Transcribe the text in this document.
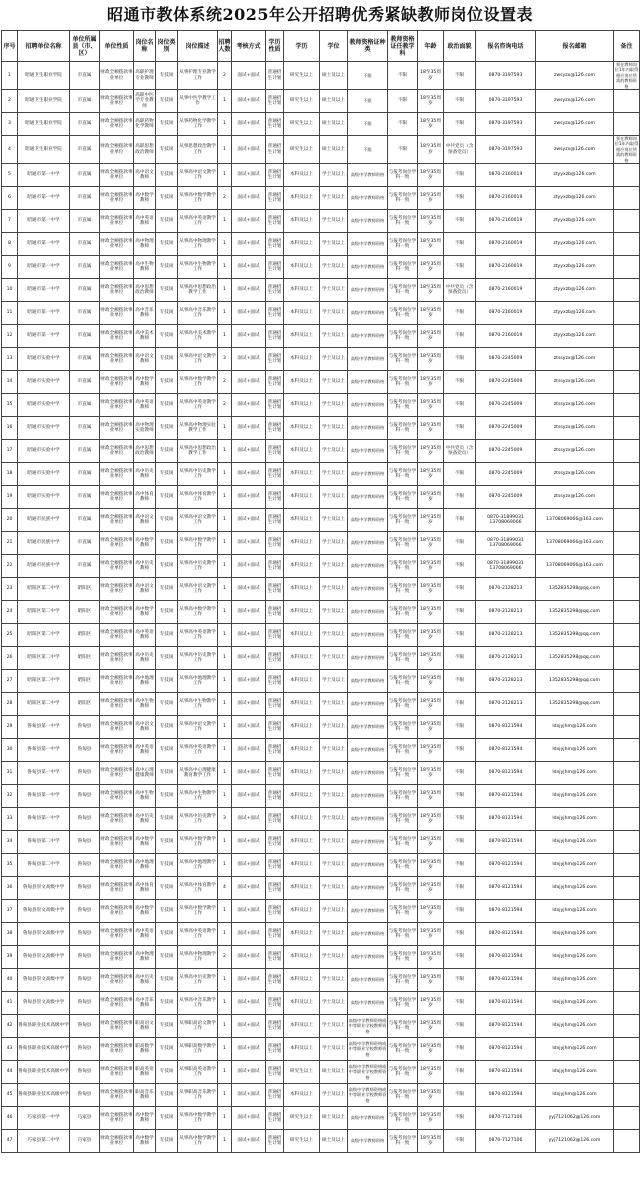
昭通市教体系统2025年公开招聘优秀紧缺教师岗位设置表
序号	招聘单位名称	单位所属县（市、区）	单位性质	岗位名称	岗位类别	岗位描述	招聘人数	考核方式	学历性质	学历	学位	教师资格证种类	教师资格证任教学科	年龄	政治面貌	报名咨询电话	报名邮箱	备注
1	昭通卫生职业学院	市直属	财政全额拨款事业单位	高职护理专业教师	专技岗	从事护理专业教学工作	2	面试+面试	普通招生计划	研究生以上	硕士及以上	不限	不限	18至35周岁	不限	0870-3197593	zwsyzx@126.com	须在教师岗位1年内取得相应岗位所需的教师资格
2	昭通卫生职业学院	市直属	财政全额拨款事业单位	高职中医学专业教师	专技岗	从事中医学教学工作	1	面试+面试	普通招生计划	研究生以上	硕士及以上	不限	不限	18至35周岁	不限	0870-3197593	zwsyzx@126.com	
3	昭通卫生职业学院	市直属	财政全额拨款事业单位	高职药物化学教师	专技岗	从事药物化学教学工作	1	面试+面试	普通招生计划	研究生以上	硕士及以上	不限	不限	18至35周岁	不限	0870-3197593	zwsyzx@126.com	
4	昭通卫生职业学院	市直属	财政全额拨款事业单位	高职思想政治教师	专技岗	从事思想政治教学工作	1	面试+面试	普通招生计划	研究生以上	硕士及以上	不限	不限	18至35周岁	中共党员（含预备党员）	0870-3197593	zwsyzx@126.com	须在教师岗位1年内取得相应岗位所需的教师资格
5	昭通市第一中学	市直属	财政全额拨款事业单位	高中语文教师	专技岗	从事高中语文教学工作	1	面试+面试	普通招生计划	本科及以上	学士及以上	高级中学教师资格	与报考岗位学科一致	18至35周岁	不限	0870-2160019	ztyyxzb@126.com	
6	昭通市第一中学	市直属	财政全额拨款事业单位	高中数学教师	专技岗	从事高中数学教学工作	2	面试+面试	普通招生计划	本科及以上	学士及以上	高级中学教师资格	与报考岗位学科一致	18至35周岁	不限	0870-2160019	ztyyxzb@126.com	
7	昭通市第一中学	市直属	财政全额拨款事业单位	高中英语教师	专技岗	从事高中英语教学工作	1	面试+面试	普通招生计划	本科及以上	学士及以上	高级中学教师资格	与报考岗位学科一致	18至35周岁	不限	0870-2160019	ztyyxzb@126.com	
8	昭通市第一中学	市直属	财政全额拨款事业单位	高中物理教师	专技岗	从事高中物理教学工作	1	面试+面试	普通招生计划	本科及以上	学士及以上	高级中学教师资格	与报考岗位学科一致	18至35周岁	不限	0870-2160019	ztyyxzb@126.com	
9	昭通市第一中学	市直属	财政全额拨款事业单位	高中生物教师	专技岗	从事高中生物教学工作	1	面试+面试	普通招生计划	本科及以上	学士及以上	高级中学教师资格	与报考岗位学科一致	18至35周岁	不限	0870-2160019	ztyyxzb@126.com	
10	昭通市第一中学	市直属	财政全额拨款事业单位	高中思想政治教师	专技岗	从事高中思想政治教学工作	1	面试+面试	普通招生计划	本科及以上	学士及以上	高级中学教师资格	与报考岗位学科一致	18至35周岁	中共党员（含预备党员）	0870-2160019	ztyyxzb@126.com	
11	昭通市第一中学	市直属	财政全额拨款事业单位	高中音乐教师	专技岗	从事高中音乐教学工作	1	面试+面试	普通招生计划	本科及以上	学士及以上	高级中学教师资格	与报考岗位学科一致	18至35周岁	不限	0870-2160019	ztyyxzb@126.com	
12	昭通市第一中学	市直属	财政全额拨款事业单位	高中美术教师	专技岗	从事高中美术教学工作	1	面试+面试	普通招生计划	本科及以上	学士及以上	高级中学教师资格	与报考岗位学科一致	18至35周岁	不限	0870-2160019	ztyyxzb@126.com	
13	昭通市实验中学	市直属	财政全额拨款事业单位	高中语文教师	专技岗	从事高中语文教学工作	3	面试+面试	普通招生计划	本科及以上	学士及以上	高级中学教师资格	与报考岗位学科一致	18至35周岁	不限	0870-2245009	ztssyzx@126.com	
14	昭通市实验中学	市直属	财政全额拨款事业单位	高中数学教师	专技岗	从事高中数学教学工作	2	面试+面试	普通招生计划	本科及以上	学士及以上	高级中学教师资格	与报考岗位学科一致	18至35周岁	不限	0870-2245009	ztssyzx@126.com	
15	昭通市实验中学	市直属	财政全额拨款事业单位	高中英语教师	专技岗	从事高中英语教学工作	2	面试+面试	普通招生计划	本科及以上	学士及以上	高级中学教师资格	与报考岗位学科一致	18至35周岁	不限	0870-2245009	ztssyzx@126.com	
16	昭通市实验中学	市直属	财政全额拨款事业单位	高中物理实验教师	专技岗	从事高中物理实验教学工作	1	面试+面试	普通招生计划	本科及以上	学士及以上	高级中学教师资格	与报考岗位学科一致	18至35周岁	不限	0870-2245009	ztssyzx@126.com	
17	昭通市实验中学	市直属	财政全额拨款事业单位	高中思想政治教师	专技岗	从事高中思想政治教学工作	1	面试+面试	普通招生计划	本科及以上	学士及以上	高级中学教师资格	与报考岗位学科一致	18至35周岁	中共党员（含预备党员）	0870-2245009	ztssyzx@126.com	
18	昭通市实验中学	市直属	财政全额拨款事业单位	高中历史教师	专技岗	从事高中历史教学工作	1	面试+面试	普通招生计划	本科及以上	学士及以上	高级中学教师资格	与报考岗位学科一致	18至35周岁	不限	0870-2245009	ztssyzx@126.com	
19	昭通市实验中学	市直属	财政全额拨款事业单位	高中体育教师	专技岗	从事高中体育教学工作	1	面试+面试	普通招生计划	本科及以上	学士及以上	高级中学教师资格	与报考岗位学科一致	18至35周岁	不限	0870-2245009	ztssyzx@126.com	
20	昭通市民族中学	市直属	财政全额拨款事业单位	高中语文教师	专技岗	从事高中语文教学工作	1	面试+面试	普通招生计划	本科及以上	学士及以上	高级中学教师资格	与报考岗位学科一致	18至35周岁	不限	0870-31899031 13708069066	13708069066@163.com	
21	昭通市民族中学	市直属	财政全额拨款事业单位	高中数学教师	专技岗	从事高中数学教学工作	1	面试+面试	普通招生计划	本科及以上	学士及以上	高级中学教师资格	与报考岗位学科一致	18至35周岁	不限	0870-31899031 13708069066	13708069066@163.com	
22	昭通市民族中学	市直属	财政全额拨款事业单位	高中历史教师	专技岗	从事高中历史教学工作	1	面试+面试	普通招生计划	本科及以上	学士及以上	高级中学教师资格	与报考岗位学科一致	18至35周岁	不限	0870-31899031 13708069066	13708069066@163.com	
23	昭阳区第二中学	昭阳区	财政全额拨款事业单位	高中语文教师	专技岗	从事高中语文教学工作	1	面试+面试	普通招生计划	本科及以上	学士及以上	高级中学教师资格	与报考岗位学科一致	18至35周岁	不限	0870-2128213	1352835298@qq.com	
24	昭阳区第二中学	昭阳区	财政全额拨款事业单位	高中数学教师	专技岗	从事高中数学教学工作	1	面试+面试	普通招生计划	本科及以上	学士及以上	高级中学教师资格	与报考岗位学科一致	18至35周岁	不限	0870-2128213	1352835298@qq.com	
25	昭阳区第二中学	昭阳区	财政全额拨款事业单位	高中英语教师	专技岗	从事高中英语教学工作	1	面试+面试	普通招生计划	本科及以上	学士及以上	高级中学教师资格	与报考岗位学科一致	18至35周岁	不限	0870-2128213	1352835298@qq.com	
26	昭阳区第二中学	昭阳区	财政全额拨款事业单位	高中历史教师	专技岗	从事高中历史教学工作	1	面试+面试	普通招生计划	本科及以上	学士及以上	高级中学教师资格	与报考岗位学科一致	18至35周岁	不限	0870-2128213	1352835298@qq.com	
27	昭阳区第二中学	昭阳区	财政全额拨款事业单位	高中地理教师	专技岗	从事高中地理教学工作	1	面试+面试	普通招生计划	本科及以上	学士及以上	高级中学教师资格	与报考岗位学科一致	18至35周岁	不限	0870-2128213	1352835298@qq.com	
28	昭阳区第二中学	昭阳区	财政全额拨款事业单位	高中生物教师	专技岗	从事高中生物教学工作	1	面试+面试	普通招生计划	本科及以上	学士及以上	高级中学教师资格	与报考岗位学科一致	18至35周岁	不限	0870-2128213	1352835298@qq.com	
29	鲁甸县第一中学	鲁甸县	财政全额拨款事业单位	高中语文教师	专技岗	从事高中语文教学工作	1	面试+面试	普通招生计划	本科及以上	学士及以上	高级中学教师资格	与报考岗位学科一致	18至35周岁	不限	0870-8121594	ldxjyjhm@126.com	
30	鲁甸县第一中学	鲁甸县	财政全额拨款事业单位	高中英语教师	专技岗	从事高中英语教学工作	1	面试+面试	普通招生计划	本科及以上	学士及以上	高级中学教师资格	与报考岗位学科一致	18至35周岁	不限	0870-8121594	ldxjyjhm@126.com	
31	鲁甸县第一中学	鲁甸县	财政全额拨款事业单位	高中心理健康教师	专技岗	从事高中心理健康教育教学工作	1	面试+面试	普通招生计划	本科及以上	学士及以上	高级中学教师资格	与报考岗位学科一致	18至35周岁	不限	0870-8121594	ldxjyjhm@126.com	
32	鲁甸县第一中学	鲁甸县	财政全额拨款事业单位	高中生物教师	专技岗	从事高中生物教学工作	1	面试+面试	普通招生计划	本科及以上	学士及以上	高级中学教师资格	与报考岗位学科一致	18至35周岁	不限	0870-8121594	ldxjyjhm@126.com	
33	鲁甸县第一中学	鲁甸县	财政全额拨款事业单位	高中历史教师	专技岗	从事高中历史教学工作	3	面试+面试	普通招生计划	本科及以上	学士及以上	高级中学教师资格	与报考岗位学科一致	18至35周岁	不限	0870-8121594	ldxjyjhm@126.com	
34	鲁甸县第二中学	鲁甸县	财政全额拨款事业单位	高中数学教师	专技岗	从事高中数学教学工作	1	面试+面试	普通招生计划	本科及以上	学士及以上	高级中学教师资格	与报考岗位学科一致	18至35周岁	不限	0870-8121594	ldxjyjhm@126.com	
35	鲁甸县第二中学	鲁甸县	财政全额拨款事业单位	高中地理教师	专技岗	从事高中地理教学工作	1	面试+面试	普通招生计划	本科及以上	学士及以上	高级中学教师资格	与报考岗位学科一致	18至35周岁	不限	0870-8121594	ldxjyjhm@126.com	
36	鲁甸县崇文高级中学	鲁甸县	财政全额拨款事业单位	高中体育教师	专技岗	从事高中体育教学工作	4	面试+面试	普通招生计划	本科及以上	学士及以上	高级中学教师资格	与报考岗位学科一致	18至35周岁	不限	0870-8121594	ldxjyjhm@126.com	
37	鲁甸县崇文高级中学	鲁甸县	财政全额拨款事业单位	高中数学教师	专技岗	从事高中数学教学工作	1	面试+面试	普通招生计划	本科及以上	学士及以上	高级中学教师资格	与报考岗位学科一致	18至35周岁	不限	0870-8121594	ldxjyjhm@126.com	
38	鲁甸县崇文高级中学	鲁甸县	财政全额拨款事业单位	高中英语教师	专技岗	从事高中英语教学工作	1	面试+面试	普通招生计划	本科及以上	学士及以上	高级中学教师资格	与报考岗位学科一致	18至35周岁	不限	0870-8121594	ldxjyjhm@126.com	
39	鲁甸县崇文高级中学	鲁甸县	财政全额拨款事业单位	高中物理教师	专技岗	从事高中物理教学工作	2	面试+面试	普通招生计划	本科及以上	学士及以上	高级中学教师资格	与报考岗位学科一致	18至35周岁	不限	0870-8121594	ldxjyjhm@126.com	
40	鲁甸县崇文高级中学	鲁甸县	财政全额拨款事业单位	高中历史教师	专技岗	从事高中历史教学工作	1	面试+面试	普通招生计划	本科及以上	学士及以上	高级中学教师资格	与报考岗位学科一致	18至35周岁	不限	0870-8121594	ldxjyjhm@126.com	
41	鲁甸县崇文高级中学	鲁甸县	财政全额拨款事业单位	高中音乐教师	专技岗	从事高中音乐教学工作	1	面试+面试	普通招生计划	本科及以上	学士及以上	高级中学教师资格	与报考岗位学科一致	18至35周岁	不限	0870-8121594	ldxjyjhm@126.com	
42	鲁甸县职业技术高级中学	鲁甸县	财政全额拨款事业单位	职高语文教师	专技岗	从事职高语文教学工作	1	面试+面试	普通招生计划	本科及以上	学士及以上	高级中学教师资格或中等职业学校教师资格	与报考岗位学科一致	18至35周岁	不限	0870-8121594	ldxjyjhm@126.com	
43	鲁甸县职业技术高级中学	鲁甸县	财政全额拨款事业单位	职高数学教师	专技岗	从事职高数学教学工作	1	面试+面试	普通招生计划	本科及以上	学士及以上	高级中学教师资格或中等职业学校教师资格	与报考岗位学科一致	18至35周岁	不限	0870-8121594	ldxjyjhm@126.com	
44	鲁甸县职业技术高级中学	鲁甸县	财政全额拨款事业单位	职高英语教师	专技岗	从事职高英语教学工作	1	面试+面试	普通招生计划	研究生以上	硕士及以上	高级中学教师资格或中等职业学校教师资格	与报考岗位学科一致	18至35周岁	不限	0870-8121594	ldxjyjhm@126.com	
45	鲁甸县职业技术高级中学	鲁甸县	财政全额拨款事业单位	职高音乐教师	专技岗	从事职高音乐教学工作	1	面试+面试	普通招生计划	本科及以上	学士及以上	高级中学教师资格或中等职业学校教师资格	与报考岗位学科一致	18至35周岁	不限	0870-8121594	ldxjyjhm@126.com	
46	巧家县第一中学	巧家县	财政全额拨款事业单位	高中数学教师	专技岗	从事高中数学教学工作	1	面试+面试	普通招生计划	研究生以上	硕士及以上	高级中学教师资格	与报考岗位学科一致	18至35周岁	不限	0870-7127106	yyj7121062@126.com	
47	巧家县第二中学	巧家县	财政全额拨款事业单位	高中数学教师	专技岗	从事高中数学教学工作	1	面试+面试	普通招生计划	研究生以上	硕士及以上	高级中学教师资格	与报考岗位学科一致	18至35周岁	不限	0870-7127106	yyj7121062@126.com	
